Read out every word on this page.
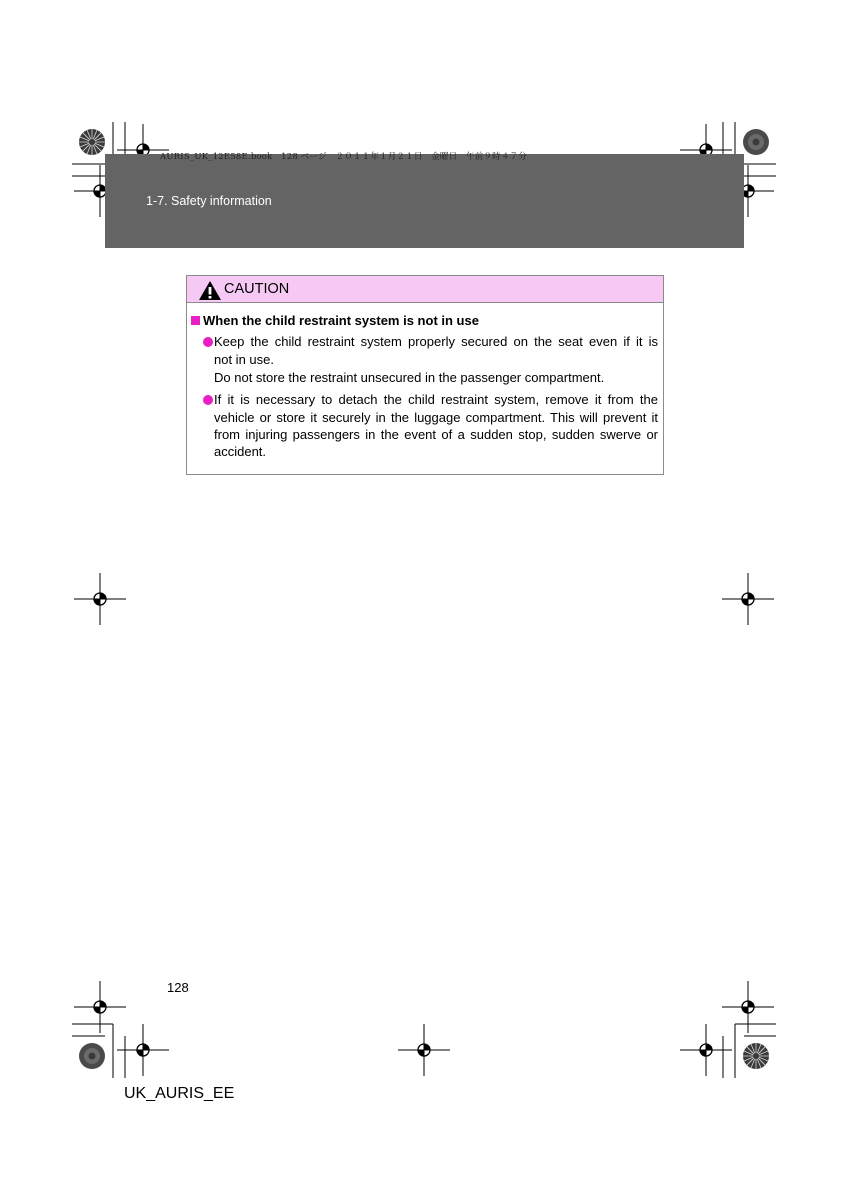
AURIS_UK_12E58E.book　128 ページ　２０１１年１月２１日　金曜日　午前９時４７分
1-7. Safety information
CAUTION
When the child restraint system is not in use
Keep the child restraint system properly secured on the seat even if it is
not in use.
Do not store the restraint unsecured in the passenger compartment.
If it is necessary to detach the child restraint system, remove it from the
vehicle or store it securely in the luggage compartment. This will prevent it
from injuring passengers in the event of a sudden stop, sudden swerve or
accident.
128
UK_AURIS_EE
